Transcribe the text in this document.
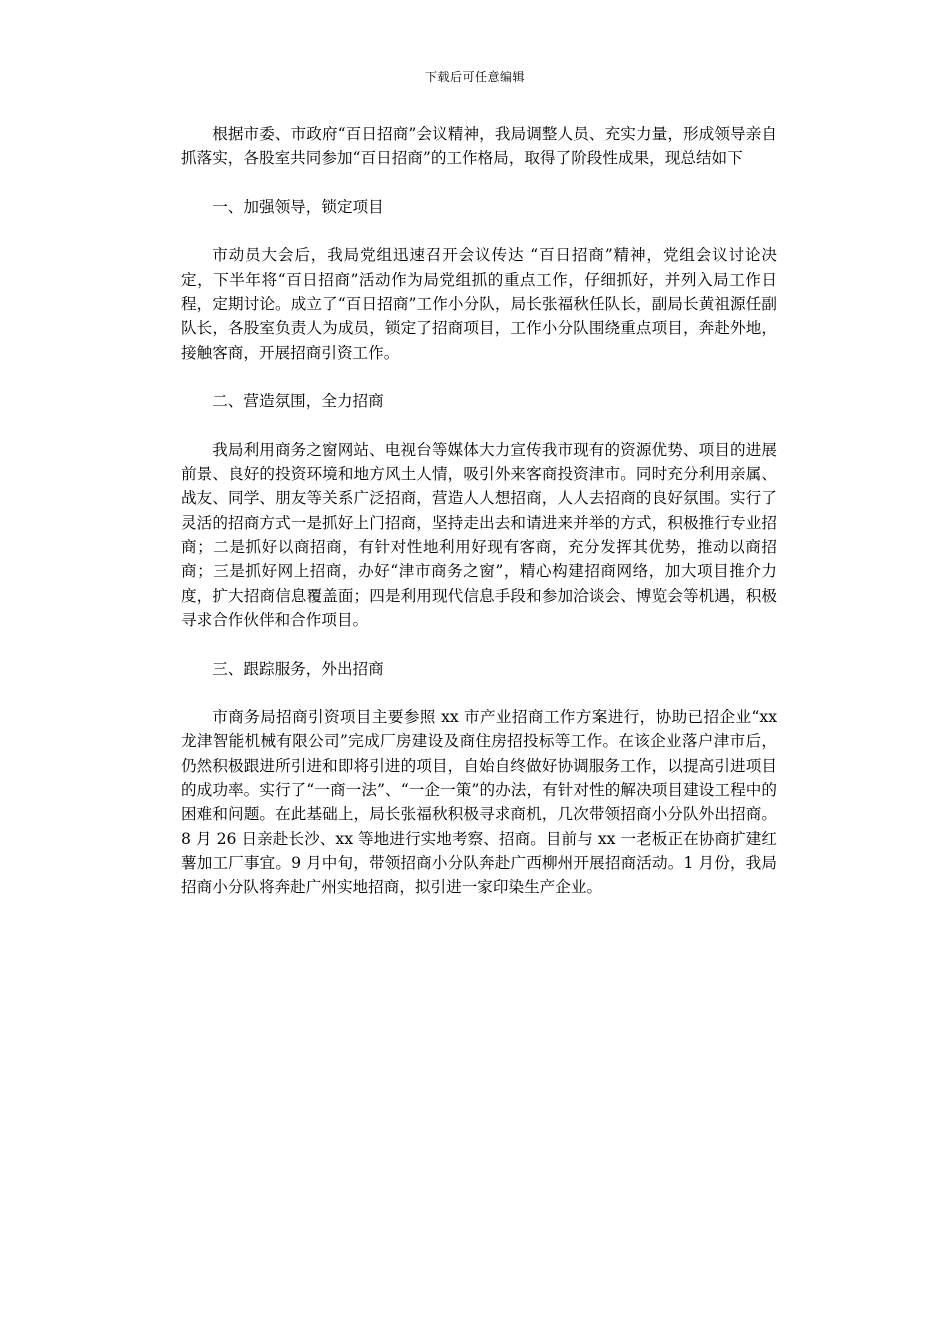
下载后可任意编辑

根据市委、市政府“百日招商”会议精神，我局调整人员、充实力量，形成领导亲自抓落实，各股室共同参加“百日招商”的工作格局，取得了阶段性成果，现总结如下

一、加强领导，锁定项目

市动员大会后，我局党组迅速召开会议传达 “百日招商”精神，党组会议讨论决定，下半年将“百日招商”活动作为局党组抓的重点工作，仔细抓好，并列入局工作日程，定期讨论。成立了“百日招商”工作小分队，局长张福秋任队长，副局长黄祖源任副队长，各股室负责人为成员，锁定了招商项目，工作小分队围绕重点项目，奔赴外地，接触客商，开展招商引资工作。

二、营造氛围，全力招商

我局利用商务之窗网站、电视台等媒体大力宣传我市现有的资源优势、项目的进展前景、良好的投资环境和地方风土人情，吸引外来客商投资津市。同时充分利用亲属、战友、同学、朋友等关系广泛招商，营造人人想招商，人人去招商的良好氛围。实行了灵活的招商方式一是抓好上门招商，坚持走出去和请进来并举的方式，积极推行专业招商；二是抓好以商招商，有针对性地利用好现有客商，充分发挥其优势，推动以商招商；三是抓好网上招商，办好“津市商务之窗”，精心构建招商网络，加大项目推介力度，扩大招商信息覆盖面；四是利用现代信息手段和参加洽谈会、博览会等机遇，积极寻求合作伙伴和合作项目。

三、跟踪服务，外出招商

市商务局招商引资项目主要参照 xx 市产业招商工作方案进行，协助已招企业“xx 龙津智能机械有限公司”完成厂房建设及商住房招投标等工作。在该企业落户津市后，仍然积极跟进所引进和即将引进的项目，自始自终做好协调服务工作，以提高引进项目的成功率。实行了“一商一法”、“一企一策”的办法，有针对性的解决项目建设工程中的困难和问题。在此基础上，局长张福秋积极寻求商机，几次带领招商小分队外出招商。8 月 26 日亲赴长沙、xx 等地进行实地考察、招商。目前与 xx 一老板正在协商扩建红薯加工厂事宜。9 月中旬，带领招商小分队奔赴广西柳州开展招商活动。1 月份，我局招商小分队将奔赴广州实地招商，拟引进一家印染生产企业。
